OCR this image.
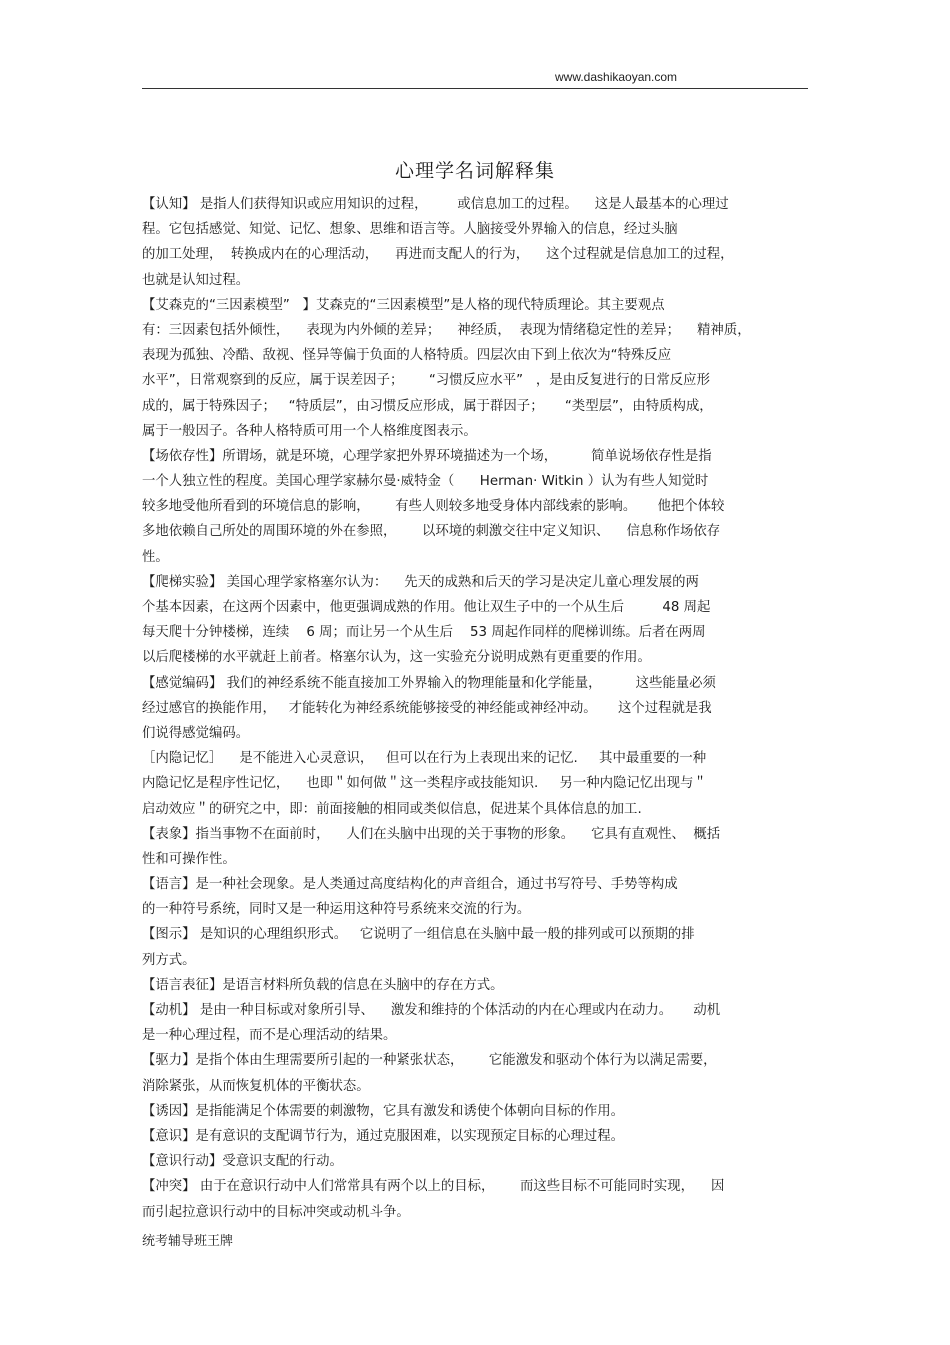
www.dashikaoyan.com
心理学名词解释集
【认知】 是指人们获得知识或应用知识的过程，       或信息加工的过程。    这是人最基本的心理过
程。它包括感觉、知觉、记忆、想象、思维和语言等。人脑接受外界输入的信息，经过头脑
的加工处理，  转换成内在的心理活动，    再进而支配人的行为，    这个过程就是信息加工的过程，
也就是认知过程。
【艾森克的“三因素模型”   】艾森克的“三因素模型”是人格的现代特质理论。其主要观点
有：三因素包括外倾性，    表现为内外倾的差异；    神经质，  表现为情绪稳定性的差异；    精神质，
表现为孤独、冷酷、敌视、怪异等偏于负面的人格特质。四层次由下到上依次为“特殊反应
水平”，日常观察到的反应，属于误差因子；      “习惯反应水平”   ，是由反复进行的日常反应形
成的，属于特殊因子；   “特质层”，由习惯反应形成，属于群因子；     “类型层”，由特质构成，
属于一般因子。各种人格特质可用一个人格维度图表示。
【场依存性】所谓场，就是环境，心理学家把外界环境描述为一个场，        简单说场依存性是指
一个人独立性的程度。美国心理学家赫尔曼·威特金（      Herman· Witkin ）认为有些人知觉时
较多地受他所看到的环境信息的影响，      有些人则较多地受身体内部线索的影响。     他把个体较
多地依赖自己所处的周围环境的外在参照，      以环境的刺激交往中定义知识、    信息称作场依存
性。
【爬梯实验】 美国心理学家格塞尔认为：    先天的成熟和后天的学习是决定儿童心理发展的两
个基本因素，在这两个因素中，他更强调成熟的作用。他让双生子中的一个从生后         48 周起
每天爬十分钟楼梯，连续    6 周；而让另一个从生后    53 周起作同样的爬梯训练。后者在两周
以后爬楼梯的水平就赶上前者。格塞尔认为，这一实验充分说明成熟有更重要的作用。
【感觉编码】 我们的神经系统不能直接加工外界输入的物理能量和化学能量，        这些能量必须
经过感官的换能作用，   才能转化为神经系统能够接受的神经能或神经冲动。     这个过程就是我
们说得感觉编码。
［内隐记忆］    是不能进入心灵意识，   但可以在行为上表现出来的记忆.     其中最重要的一种
内隐记忆是程序性记忆，    也即＂如何做＂这一类程序或技能知识.     另一种内隐记忆出现与＂
启动效应＂的研究之中，即：前面接触的相同或类似信息，促进某个具体信息的加工.
【表象】指当事物不在面前时，    人们在头脑中出现的关于事物的形象。    它具有直观性、  概括
性和可操作性。
【语言】是一种社会现象。是人类通过高度结构化的声音组合，通过书写符号、手势等构成
的一种符号系统，同时又是一种运用这种符号系统来交流的行为。
【图示】 是知识的心理组织形式。   它说明了一组信息在头脑中最一般的排列或可以预期的排
列方式。
【语言表征】是语言材料所负载的信息在头脑中的存在方式。
【动机】 是由一种目标或对象所引导、    激发和维持的个体活动的内在心理或内在动力。     动机
是一种心理过程，而不是心理活动的结果。
【驱力】是指个体由生理需要所引起的一种紧张状态，      它能激发和驱动个体行为以满足需要，
消除紧张，从而恢复机体的平衡状态。
【诱因】是指能满足个体需要的刺激物，它具有激发和诱使个体朝向目标的作用。
【意识】是有意识的支配调节行为，通过克服困难，以实现预定目标的心理过程。
【意识行动】受意识支配的行动。
【冲突】 由于在意识行动中人们常常具有两个以上的目标，      而这些目标不可能同时实现，    因
而引起拉意识行动中的目标冲突或动机斗争。
统考辅导班王牌
